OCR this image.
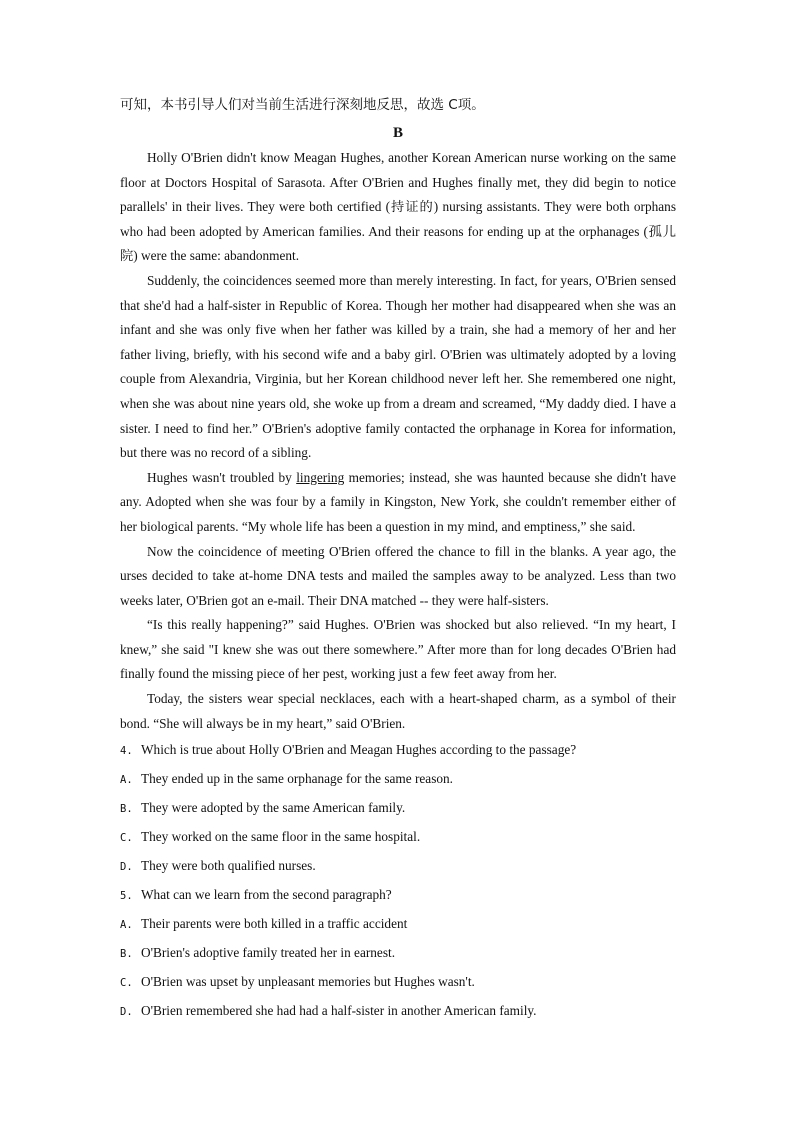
可知，本书引导人们对当前生活进行深刻地反思，故选 C项。

B

Holly O'Brien didn't know Meagan Hughes, another Korean American nurse working on the same floor at Doctors Hospital of Sarasota. After O'Brien and Hughes finally met, they did begin to notice parallels' in their lives. They were both certified (持证的) nursing assistants. They were both orphans who had been adopted by American families. And their reasons for ending up at the orphanages (孤儿院) were the same: abandonment.

Suddenly, the coincidences seemed more than merely interesting. In fact, for years, O'Brien sensed that she'd had a half-sister in Republic of Korea. Though her mother had disappeared when she was an infant and she was only five when her father was killed by a train, she had a memory of her and her father living, briefly, with his second wife and a baby girl. O'Brien was ultimately adopted by a loving couple from Alexandria, Virginia, but her Korean childhood never left her. She remembered one night, when she was about nine years old, she woke up from a dream and screamed, “My daddy died. I have a sister. I need to find her.” O'Brien's adoptive family contacted the orphanage in Korea for information, but there was no record of a sibling.

Hughes wasn't troubled by lingering memories; instead, she was haunted because she didn't have any. Adopted when she was four by a family in Kingston, New York, she couldn't remember either of her biological parents. “My whole life has been a question in my mind, and emptiness,” she said.

Now the coincidence of meeting O'Brien offered the chance to fill in the blanks. A year ago, the urses decided to take at-home DNA tests and mailed the samples away to be analyzed. Less than two weeks later, O'Brien got an e-mail. Their DNA matched -- they were half-sisters.

“Is this really happening?” said Hughes. O'Brien was shocked but also relieved. “In my heart, I knew,” she said "I knew she was out there somewhere.” After more than for long decades O'Brien had finally found the missing piece of her pest, working just a few feet away from her.

Today, the sisters wear special necklaces, each with a heart-shaped charm, as a symbol of their bond. “She will always be in my heart,” said O'Brien.

4. Which is true about Holly O'Brien and Meagan Hughes according to the passage?

A. They ended up in the same orphanage for the same reason.

B. They were adopted by the same American family.

C. They worked on the same floor in the same hospital.

D. They were both qualified nurses.

5. What can we learn from the second paragraph?

A. Their parents were both killed in a traffic accident

B. O'Brien's adoptive family treated her in earnest.

C. O'Brien was upset by unpleasant memories but Hughes wasn't.

D. O'Brien remembered she had had a half-sister in another American family.
